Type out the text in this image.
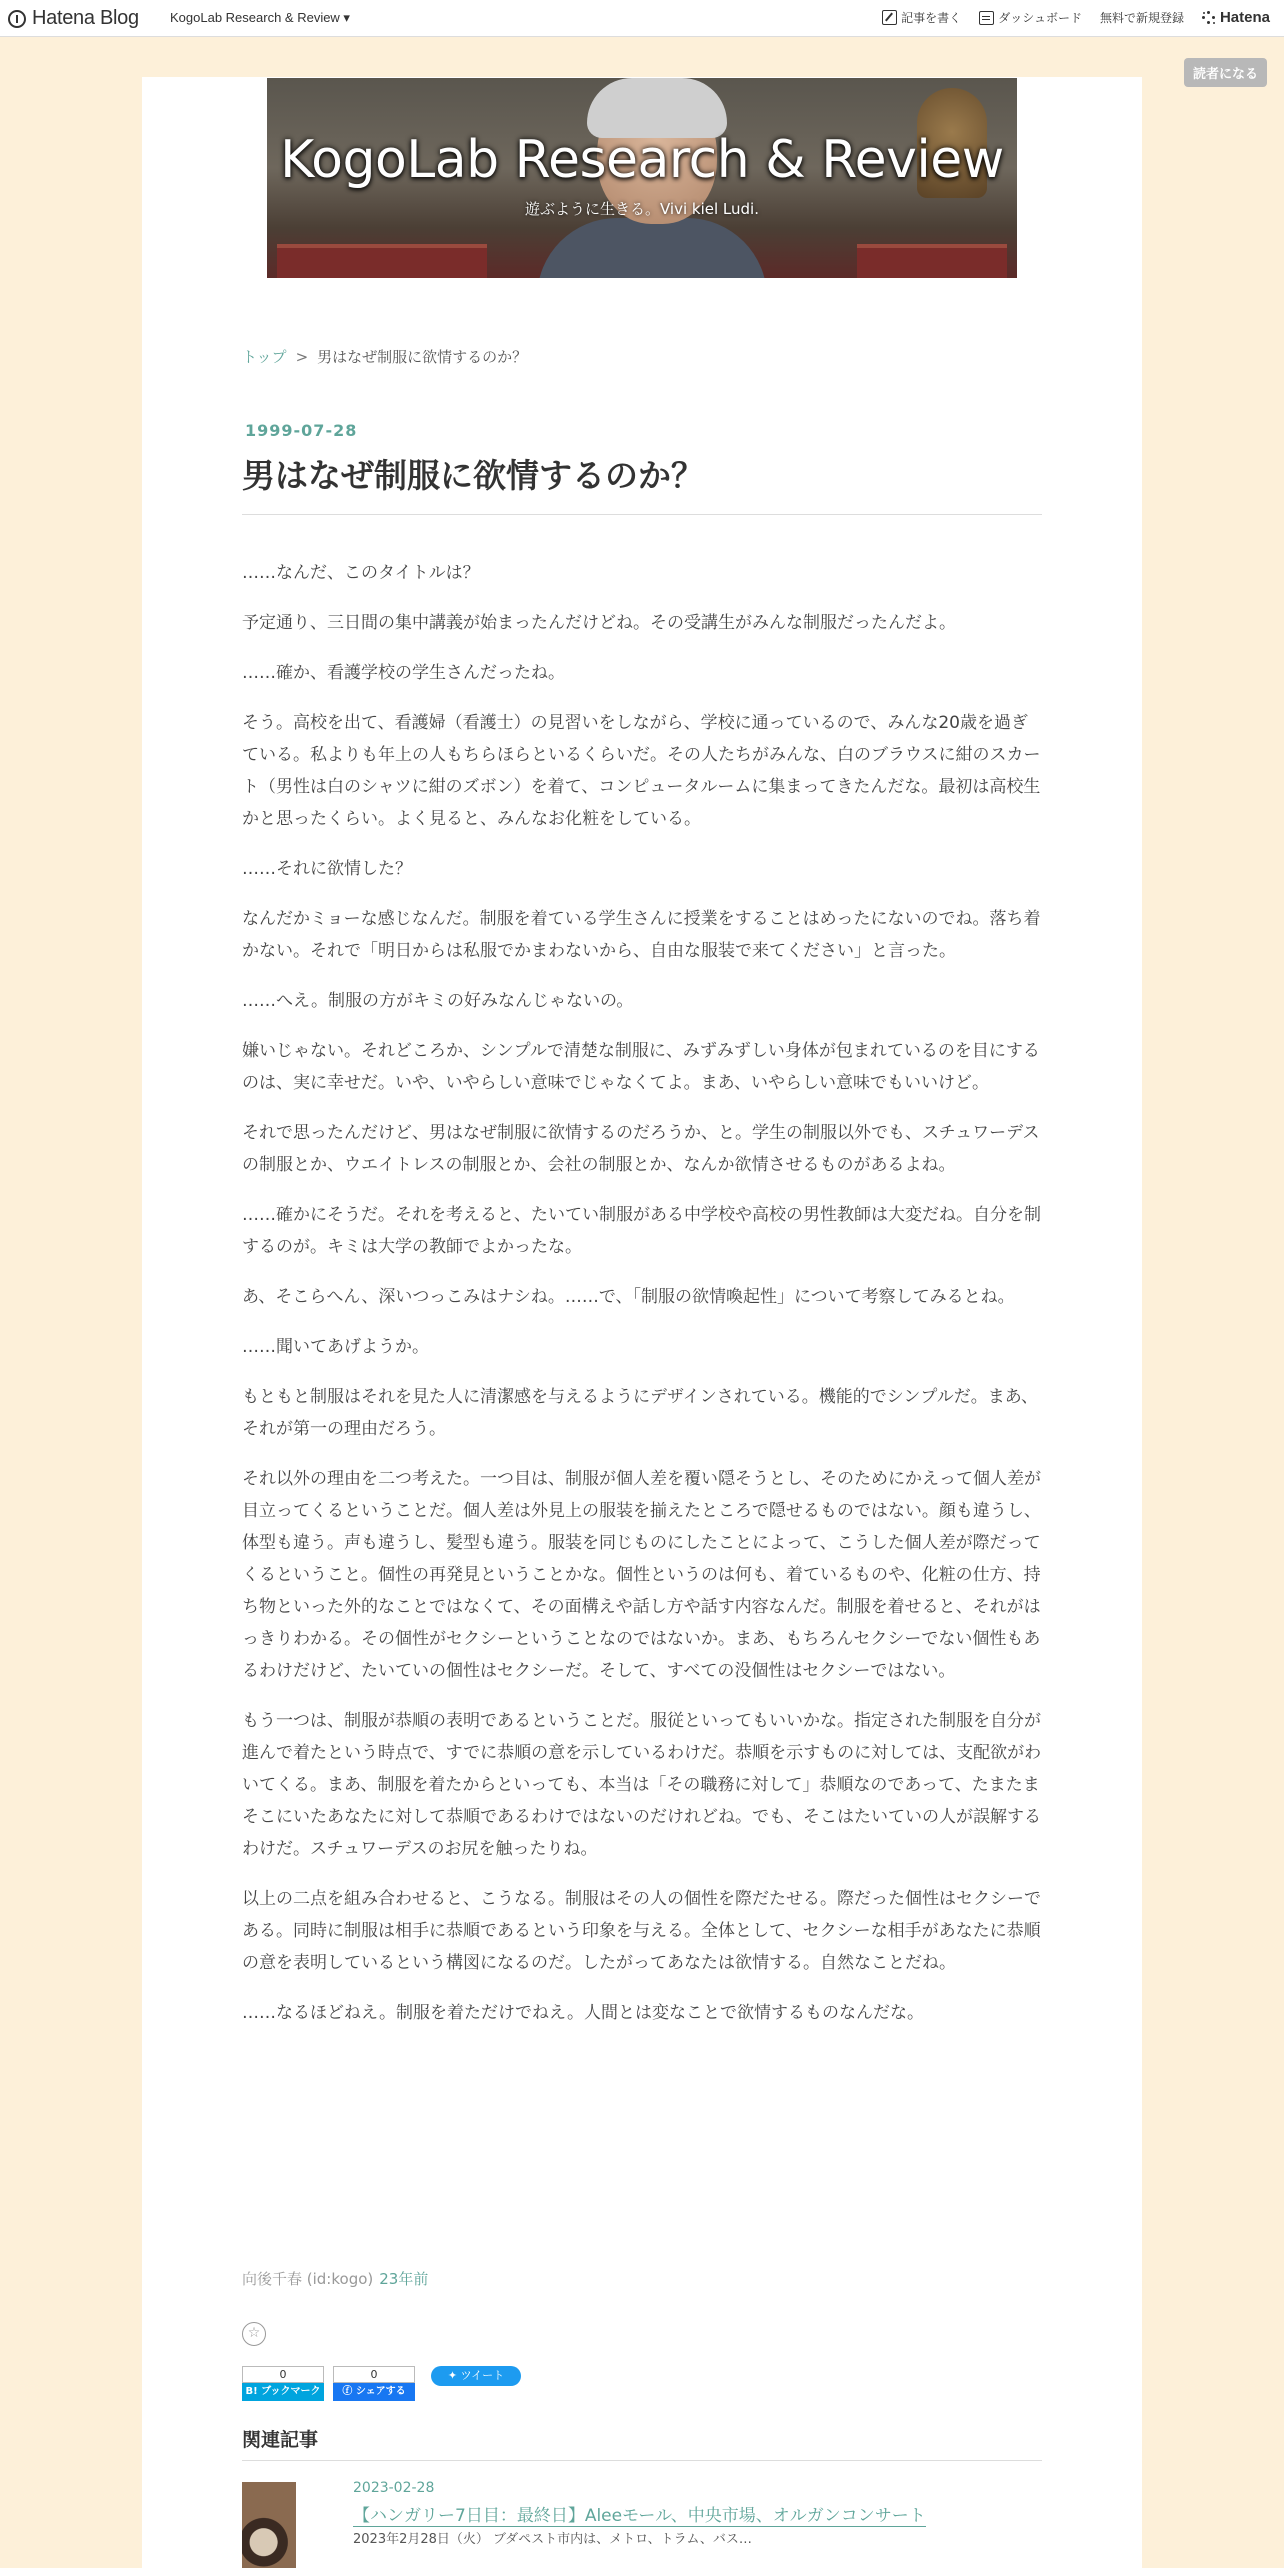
Hatena Blog KogoLab Research & Review ▾	記事を書く	ダッシュボード 無料で新規登録 Hatena
読者になる
KogoLab Research & Review
遊ぶように生きる。Vivi kiel Ludi.
トップ > 男はなぜ制服に欲情するのか？
1999-07-28
男はなぜ制服に欲情するのか？

……なんだ、このタイトルは？

予定通り、三日間の集中講義が始まったんだけどね。その受講生がみんな制服だったんだよ。

……確か、看護学校の学生さんだったね。

そう。高校を出て、看護婦（看護士）の見習いをしながら、学校に通っているので、みんな20歳を過ぎている。私よりも年上の人もちらほらといるくらいだ。その人たちがみんな、白のブラウスに紺のスカート（男性は白のシャツに紺のズボン）を着て、コンピュータルームに集まってきたんだな。最初は高校生かと思ったくらい。よく見ると、みんなお化粧をしている。

……それに欲情した？

なんだかミョーな感じなんだ。制服を着ている学生さんに授業をすることはめったにないのでね。落ち着かない。それで「明日からは私服でかまわないから、自由な服装で来てください」と言った。

……へえ。制服の方がキミの好みなんじゃないの。

嫌いじゃない。それどころか、シンプルで清楚な制服に、みずみずしい身体が包まれているのを目にするのは、実に幸せだ。いや、いやらしい意味でじゃなくてよ。まあ、いやらしい意味でもいいけど。

それで思ったんだけど、男はなぜ制服に欲情するのだろうか、と。学生の制服以外でも、スチュワーデスの制服とか、ウエイトレスの制服とか、会社の制服とか、なんか欲情させるものがあるよね。

……確かにそうだ。それを考えると、たいてい制服がある中学校や高校の男性教師は大変だね。自分を制するのが。キミは大学の教師でよかったな。

あ、そこらへん、深いつっこみはナシね。……で、「制服の欲情喚起性」について考察してみるとね。

……聞いてあげようか。

もともと制服はそれを見た人に清潔感を与えるようにデザインされている。機能的でシンプルだ。まあ、それが第一の理由だろう。

それ以外の理由を二つ考えた。一つ目は、制服が個人差を覆い隠そうとし、そのためにかえって個人差が目立ってくるということだ。個人差は外見上の服装を揃えたところで隠せるものではない。顔も違うし、体型も違う。声も違うし、髪型も違う。服装を同じものにしたことによって、こうした個人差が際だってくるということ。個性の再発見ということかな。個性というのは何も、着ているものや、化粧の仕方、持ち物といった外的なことではなくて、その面構えや話し方や話す内容なんだ。制服を着せると、それがはっきりわかる。その個性がセクシーということなのではないか。まあ、もちろんセクシーでない個性もあるわけだけど、たいていの個性はセクシーだ。そして、すべての没個性はセクシーではない。

もう一つは、制服が恭順の表明であるということだ。服従といってもいいかな。指定された制服を自分が進んで着たという時点で、すでに恭順の意を示しているわけだ。恭順を示すものに対しては、支配欲がわいてくる。まあ、制服を着たからといっても、本当は「その職務に対して」恭順なのであって、たまたまそこにいたあなたに対して恭順であるわけではないのだけれどね。でも、そこはたいていの人が誤解するわけだ。スチュワーデスのお尻を触ったりね。

以上の二点を組み合わせると、こうなる。制服はその人の個性を際だたせる。際だった個性はセクシーである。同時に制服は相手に恭順であるという印象を与える。全体として、セクシーな相手があなたに恭順の意を表明しているという構図になるのだ。したがってあなたは欲情する。自然なことだね。

……なるほどねえ。制服を着ただけでねえ。人間とは変なことで欲情するものなんだな。

向後千春 (id:kogo) 23年前
☆
0
B! ブックマーク
0
ⓕ シェアする
✦ ツイート
関連記事
2023-02-28
【ハンガリー7日目：最終日】Aleeモール、中央市場、オルガンコンサート
2023年2月28日（火） ブダペスト市内は、メトロ、トラム、バス…
